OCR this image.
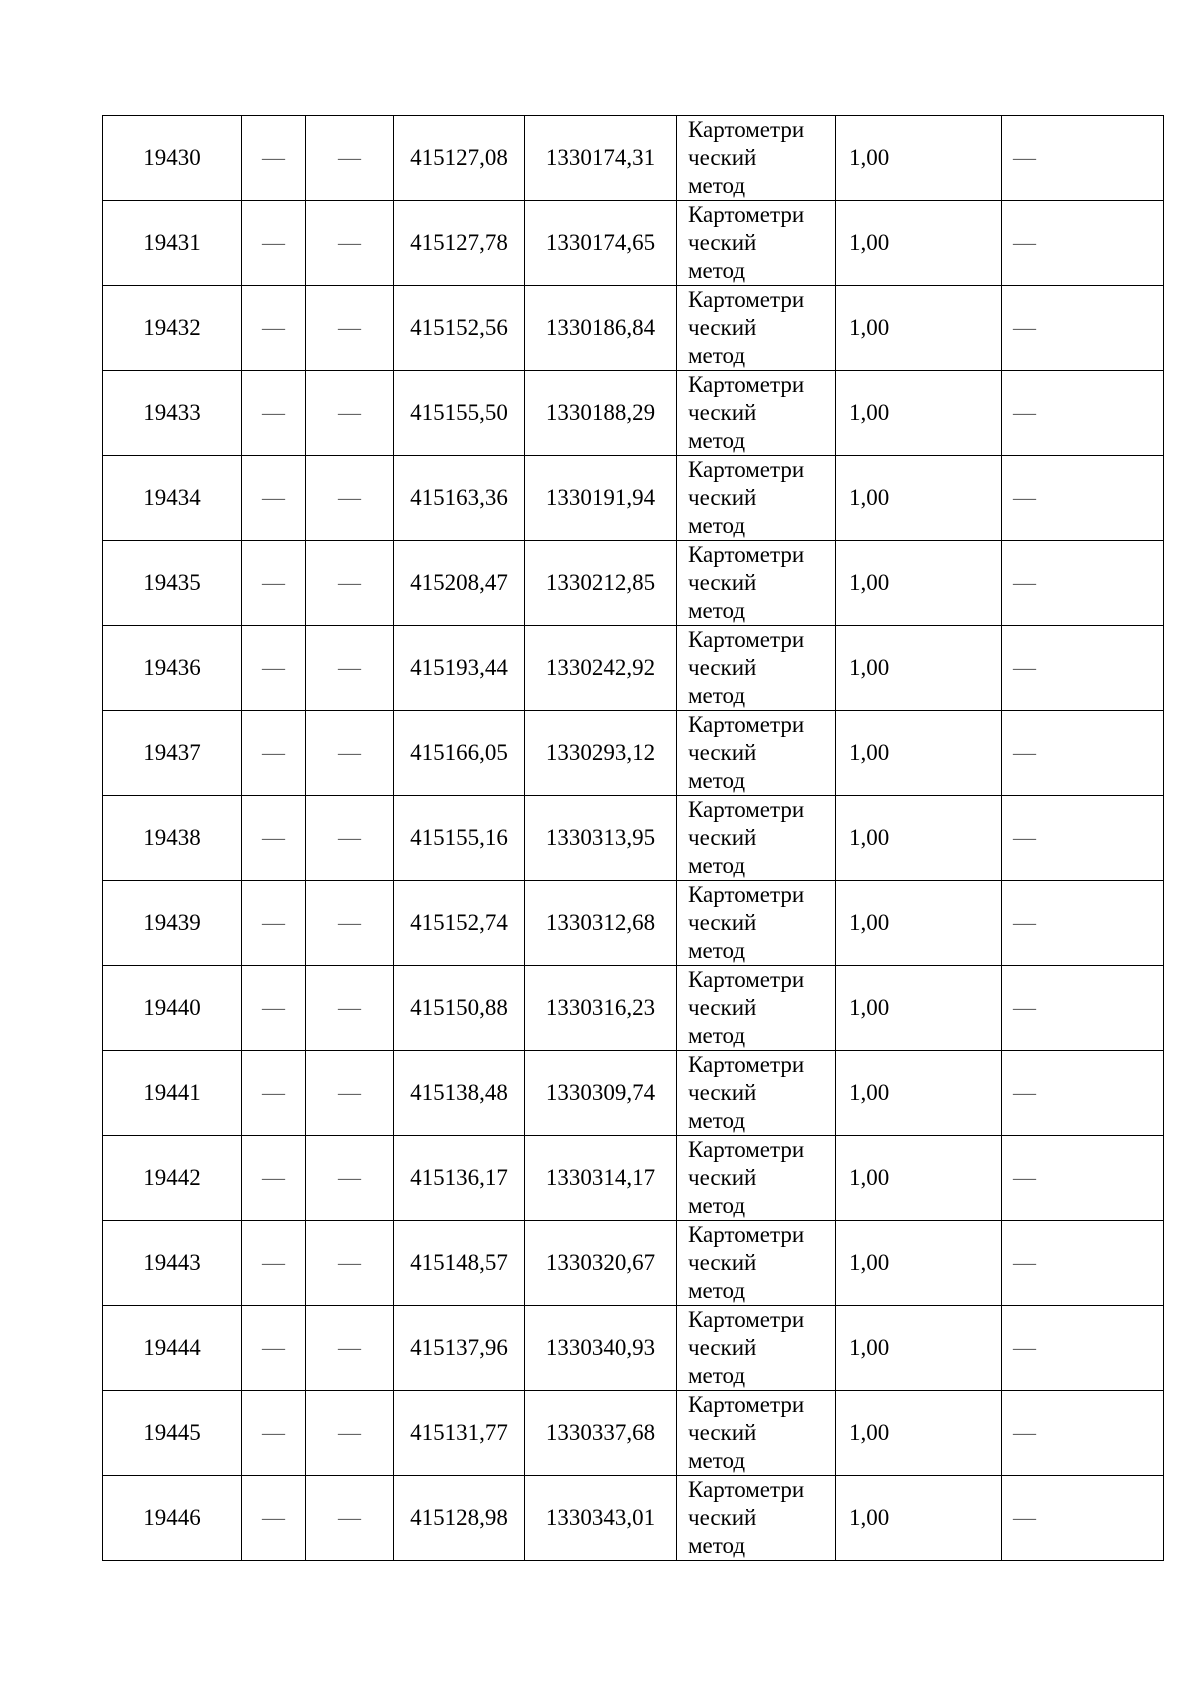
19430	—	—	415127,08	1330174,31	Картометри
ческий
метод	1,00	—
19431	—	—	415127,78	1330174,65	Картометри
ческий
метод	1,00	—
19432	—	—	415152,56	1330186,84	Картометри
ческий
метод	1,00	—
19433	—	—	415155,50	1330188,29	Картометри
ческий
метод	1,00	—
19434	—	—	415163,36	1330191,94	Картометри
ческий
метод	1,00	—
19435	—	—	415208,47	1330212,85	Картометри
ческий
метод	1,00	—
19436	—	—	415193,44	1330242,92	Картометри
ческий
метод	1,00	—
19437	—	—	415166,05	1330293,12	Картометри
ческий
метод	1,00	—
19438	—	—	415155,16	1330313,95	Картометри
ческий
метод	1,00	—
19439	—	—	415152,74	1330312,68	Картометри
ческий
метод	1,00	—
19440	—	—	415150,88	1330316,23	Картометри
ческий
метод	1,00	—
19441	—	—	415138,48	1330309,74	Картометри
ческий
метод	1,00	—
19442	—	—	415136,17	1330314,17	Картометри
ческий
метод	1,00	—
19443	—	—	415148,57	1330320,67	Картометри
ческий
метод	1,00	—
19444	—	—	415137,96	1330340,93	Картометри
ческий
метод	1,00	—
19445	—	—	415131,77	1330337,68	Картометри
ческий
метод	1,00	—
19446	—	—	415128,98	1330343,01	Картометри
ческий
метод	1,00	—
